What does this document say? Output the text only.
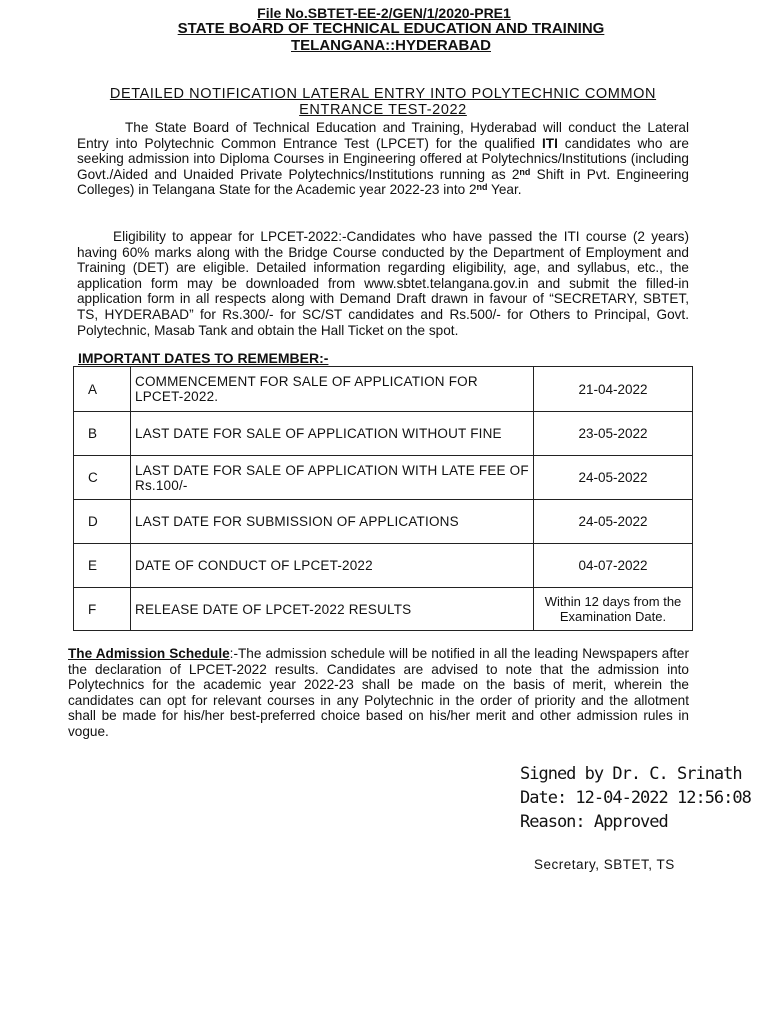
File No.SBTET-EE-2/GEN/1/2020-PRE1
STATE BOARD OF TECHNICAL EDUCATION AND TRAINING
TELANGANA::HYDERABAD
DETAILED NOTIFICATION LATERAL ENTRY INTO POLYTECHNIC COMMON
ENTRANCE TEST-2022
The State Board of Technical Education and Training, Hyderabad will conduct the Lateral Entry into Polytechnic Common Entrance Test (LPCET) for the qualified ITI candidates who are seeking admission into Diploma Courses in Engineering offered at Polytechnics/Institutions (including Govt./Aided and Unaided Private Polytechnics/Institutions running as 2nd Shift in Pvt. Engineering Colleges) in Telangana State for the Academic year 2022-23 into 2nd Year.
Eligibility to appear for LPCET-2022:-Candidates who have passed the ITI course (2 years) having 60% marks along with the Bridge Course conducted by the Department of Employment and Training (DET) are eligible. Detailed information regarding eligibility, age, and syllabus, etc., the application form may be downloaded from www.sbtet.telangana.gov.in and submit the filled-in application form in all respects along with Demand Draft drawn in favour of “SECRETARY, SBTET, TS, HYDERABAD” for Rs.300/- for SC/ST candidates and Rs.500/- for Others to Principal, Govt. Polytechnic, Masab Tank and obtain the Hall Ticket on the spot.
IMPORTANT DATES TO REMEMBER:-
A	COMMENCEMENT FOR SALE OF APPLICATION FOR LPCET-2022.	21-04-2022
B	LAST DATE FOR SALE OF APPLICATION WITHOUT FINE	23-05-2022
C	LAST DATE FOR SALE OF APPLICATION WITH LATE FEE OF Rs.100/-	24-05-2022
D	LAST DATE FOR SUBMISSION OF APPLICATIONS	24-05-2022
E	DATE OF CONDUCT OF LPCET-2022	04-07-2022
F	RELEASE DATE OF LPCET-2022 RESULTS	Within 12 days from the Examination Date.
The Admission Schedule:-The admission schedule will be notified in all the leading Newspapers after the declaration of LPCET-2022 results. Candidates are advised to note that the admission into Polytechnics for the academic year 2022-23 shall be made on the basis of merit, wherein the candidates can opt for relevant courses in any Polytechnic in the order of priority and the allotment shall be made for his/her best-preferred choice based on his/her merit and other admission rules in vogue.
Signed by Dr. C. Srinath
Date: 12-04-2022 12:56:08
Reason: Approved
Secretary, SBTET, TS
